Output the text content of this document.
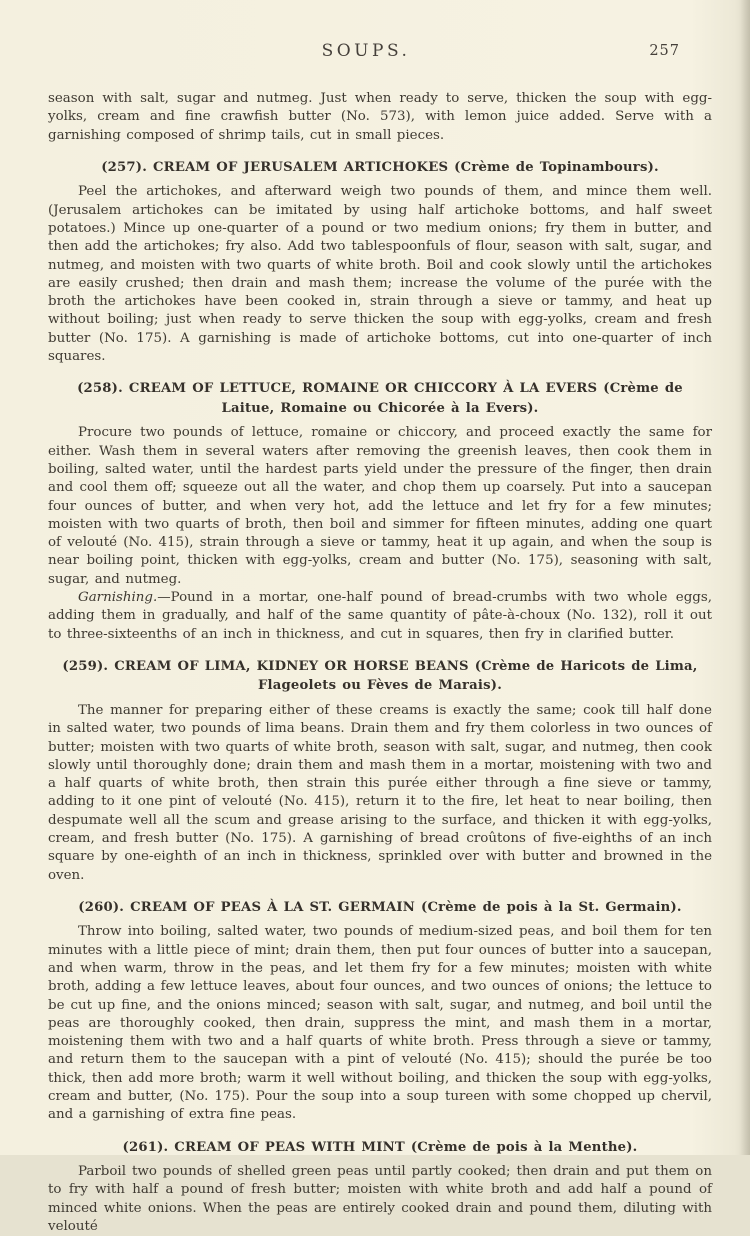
SOUPS.	257

season with salt, sugar and nutmeg. Just when ready to serve, thicken the soup with egg-yolks, cream and fine crawfish butter (No. 573), with lemon juice added. Serve with a garnishing composed of shrimp tails, cut in small pieces.

(257). CREAM OF JERUSALEM ARTICHOKES (Crème de Topinambours).

Peel the artichokes, and afterward weigh two pounds of them, and mince them well. (Jerusalem artichokes can be imitated by using half artichoke bottoms, and half sweet potatoes.) Mince up one-quarter of a pound or two medium onions; fry them in butter, and then add the artichokes; fry also. Add two tablespoonfuls of flour, season with salt, sugar, and nutmeg, and moisten with two quarts of white broth. Boil and cook slowly until the artichokes are easily crushed; then drain and mash them; increase the volume of the purée with the broth the artichokes have been cooked in, strain through a sieve or tammy, and heat up without boiling; just when ready to serve thicken the soup with egg-yolks, cream and fresh butter (No. 175). A garnishing is made of artichoke bottoms, cut into one-quarter of inch squares.

(258). CREAM OF LETTUCE, ROMAINE OR CHICCORY À LA EVERS (Crème de Laitue, Romaine ou Chicorée à la Evers).

Procure two pounds of lettuce, romaine or chiccory, and proceed exactly the same for either. Wash them in several waters after removing the greenish leaves, then cook them in boiling, salted water, until the hardest parts yield under the pressure of the finger, then drain and cool them off; squeeze out all the water, and chop them up coarsely. Put into a saucepan four ounces of butter, and when very hot, add the lettuce and let fry for a few minutes; moisten with two quarts of broth, then boil and simmer for fifteen minutes, adding one quart of velouté (No. 415), strain through a sieve or tammy, heat it up again, and when the soup is near boiling point, thicken with egg-yolks, cream and butter (No. 175), seasoning with salt, sugar, and nutmeg.

Garnishing.—Pound in a mortar, one-half pound of bread-crumbs with two whole eggs, adding them in gradually, and half of the same quantity of pâte-à-choux (No. 132), roll it out to three-sixteenths of an inch in thickness, and cut in squares, then fry in clarified butter.

(259). CREAM OF LIMA, KIDNEY OR HORSE BEANS (Crème de Haricots de Lima, Flageolets ou Fèves de Marais).

The manner for preparing either of these creams is exactly the same; cook till half done in salted water, two pounds of lima beans. Drain them and fry them colorless in two ounces of butter; moisten with two quarts of white broth, season with salt, sugar, and nutmeg, then cook slowly until thoroughly done; drain them and mash them in a mortar, moistening with two and a half quarts of white broth, then strain this purée either through a fine sieve or tammy, adding to it one pint of velouté (No. 415), return it to the fire, let heat to near boiling, then despumate well all the scum and grease arising to the surface, and thicken it with egg-yolks, cream, and fresh butter (No. 175). A garnishing of bread croûtons of five-eighths of an inch square by one-eighth of an inch in thickness, sprinkled over with butter and browned in the oven.

(260). CREAM OF PEAS À LA ST. GERMAIN (Crème de pois à la St. Germain).

Throw into boiling, salted water, two pounds of medium-sized peas, and boil them for ten minutes with a little piece of mint; drain them, then put four ounces of butter into a saucepan, and when warm, throw in the peas, and let them fry for a few minutes; moisten with white broth, adding a few lettuce leaves, about four ounces, and two ounces of onions; the lettuce to be cut up fine, and the onions minced; season with salt, sugar, and nutmeg, and boil until the peas are thoroughly cooked, then drain, suppress the mint, and mash them in a mortar, moistening them with two and a half quarts of white broth. Press through a sieve or tammy, and return them to the saucepan with a pint of velouté (No. 415); should the purée be too thick, then add more broth; warm it well without boiling, and thicken the soup with egg-yolks, cream and butter, (No. 175). Pour the soup into a soup tureen with some chopped up chervil, and a garnishing of extra fine peas.

(261). CREAM OF PEAS WITH MINT (Crème de pois à la Menthe).

Parboil two pounds of shelled green peas until partly cooked; then drain and put them on to fry with half a pound of fresh butter; moisten with white broth and add half a pound of minced white onions. When the peas are entirely cooked drain and pound them, diluting with velouté
